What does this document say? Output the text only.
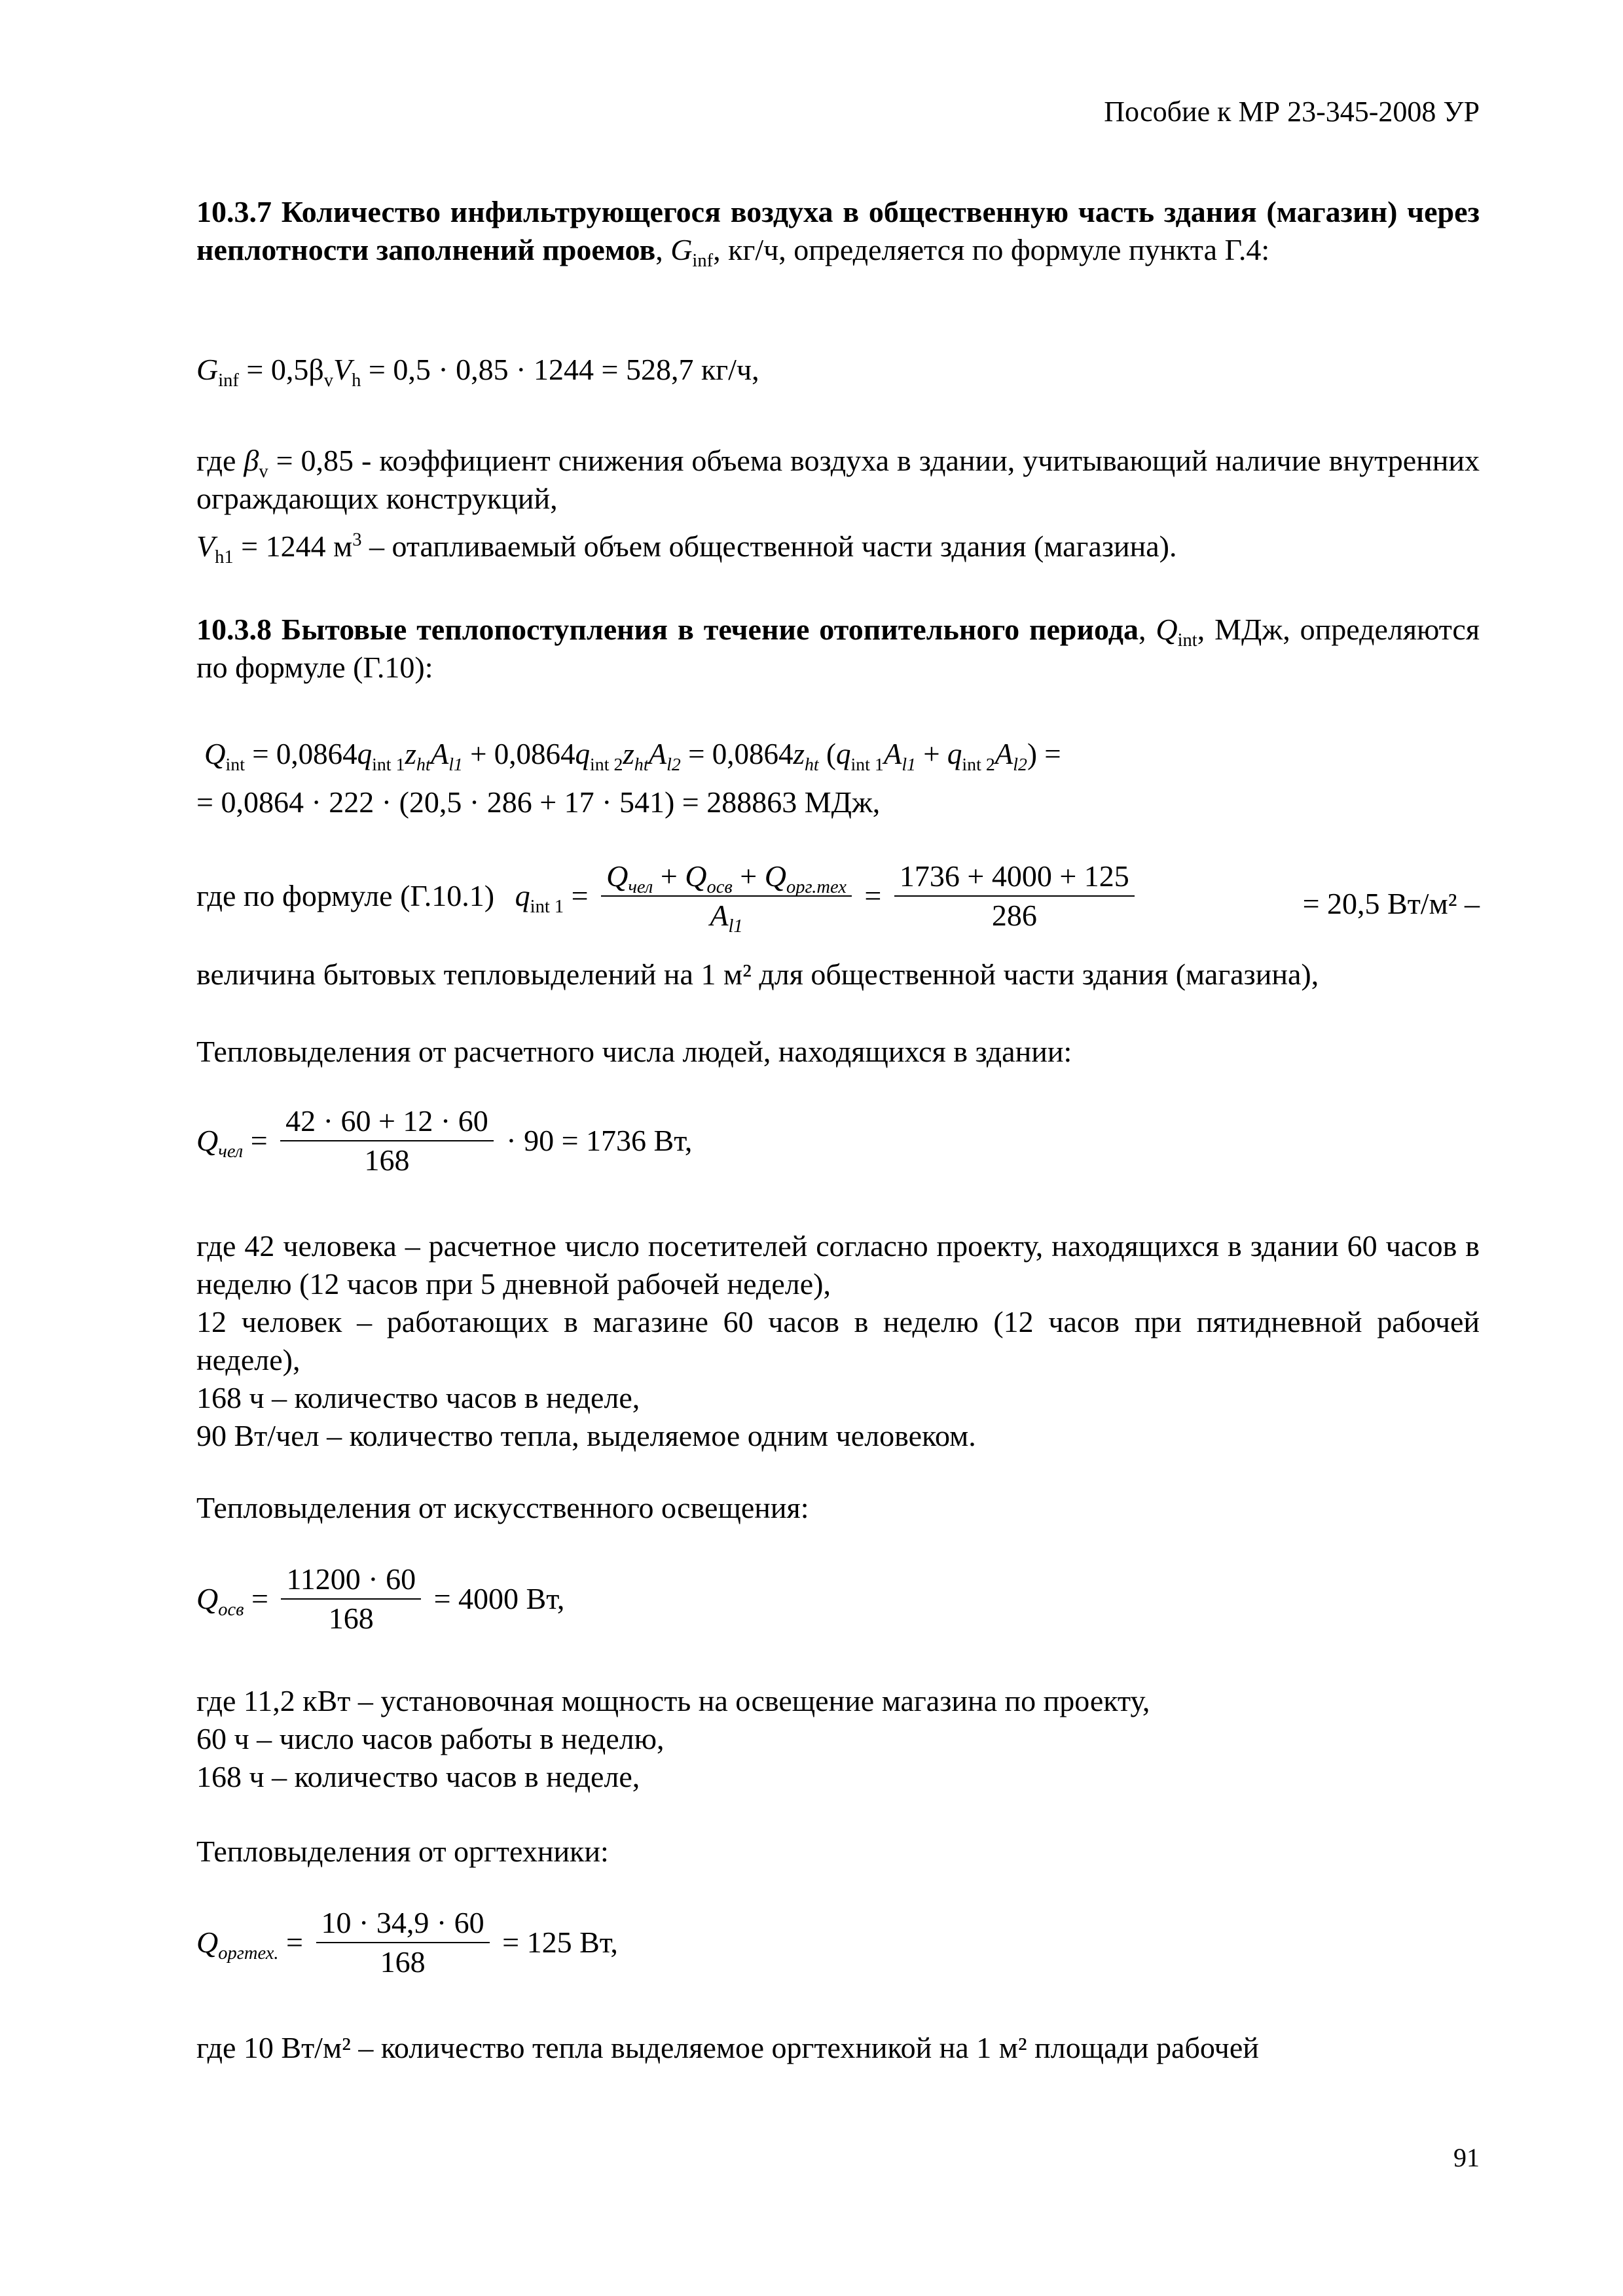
Пособие к МР 23-345-2008 УР
10.3.7 Количество инфильтрующегося воздуха в общественную часть здания (магазин) через неплотности заполнений проемов, $G_{inf}$, кг/ч, определяется по формуле пункта Г.4:
$G_{inf} = 0,5\beta_vV_h = 0,5 \cdot 0,85 \cdot 1244 = 528,7$ кг/ч,
где $\beta_v = 0,85$ - коэффициент снижения объема воздуха в здании, учитывающий наличие внутренних ограждающих конструкций,
$V_{h1} = 1244$ $м^3$ – отапливаемый объем общественной части здания (магазина).
10.3.8 Бытовые теплопоступления в течение отопительного периода, $Q_{int}$, МДж, определяются по формуле (Г.10):
$Q_{int} = 0,0864q_{int 1}z_{ht}A_{l1} + 0,0864q_{int 2}z_{ht}A_{l2} = 0,0864z_{ht}$ $(q_{int 1}A_{l1} + q_{int 2}A_{l2})$ =
= 0,0864 · 222 · (20,5 · 286 + 17 · 541) = 288863 МДж,
где по формуле (Г.10.1) $q_{int 1} = \frac{Q_{чел} + Q_{осв} + Q_{орг.тех}}{A_{l1}} = \frac{1736 + 4000 + 125}{286}$	= 20,5 Вт/м² –
величина бытовых тепловыделений на 1 м² для общественной части здания (магазина),
Тепловыделения от расчетного числа людей, находящихся в здании:
$Q_{чел} = \frac{42 \cdot 60 + 12 \cdot 60}{168} \cdot 90 = 1736$ Вт,
где 42 человека – расчетное число посетителей согласно проекту, находящихся в здании 60 часов в неделю (12 часов при 5 дневной рабочей неделе),
12 человек – работающих в магазине 60 часов в неделю (12 часов при пятидневной рабочей неделе),
168 ч – количество часов в неделе,
90 Вт/чел – количество тепла, выделяемое одним человеком.
Тепловыделения от искусственного освещения:
$Q_{осв} = \frac{11200 \cdot 60}{168} = 4000$ Вт,
где 11,2 кВт – установочная мощность на освещение магазина по проекту,
60 ч – число часов работы в неделю,
168 ч – количество часов в неделе,
Тепловыделения от оргтехники:
$Q_{оргтех.} = \frac{10 \cdot 34,9 \cdot 60}{168} = 125$ Вт,
где 10 Вт/м² – количество тепла выделяемое оргтехникой на 1 м² площади рабочей
91
